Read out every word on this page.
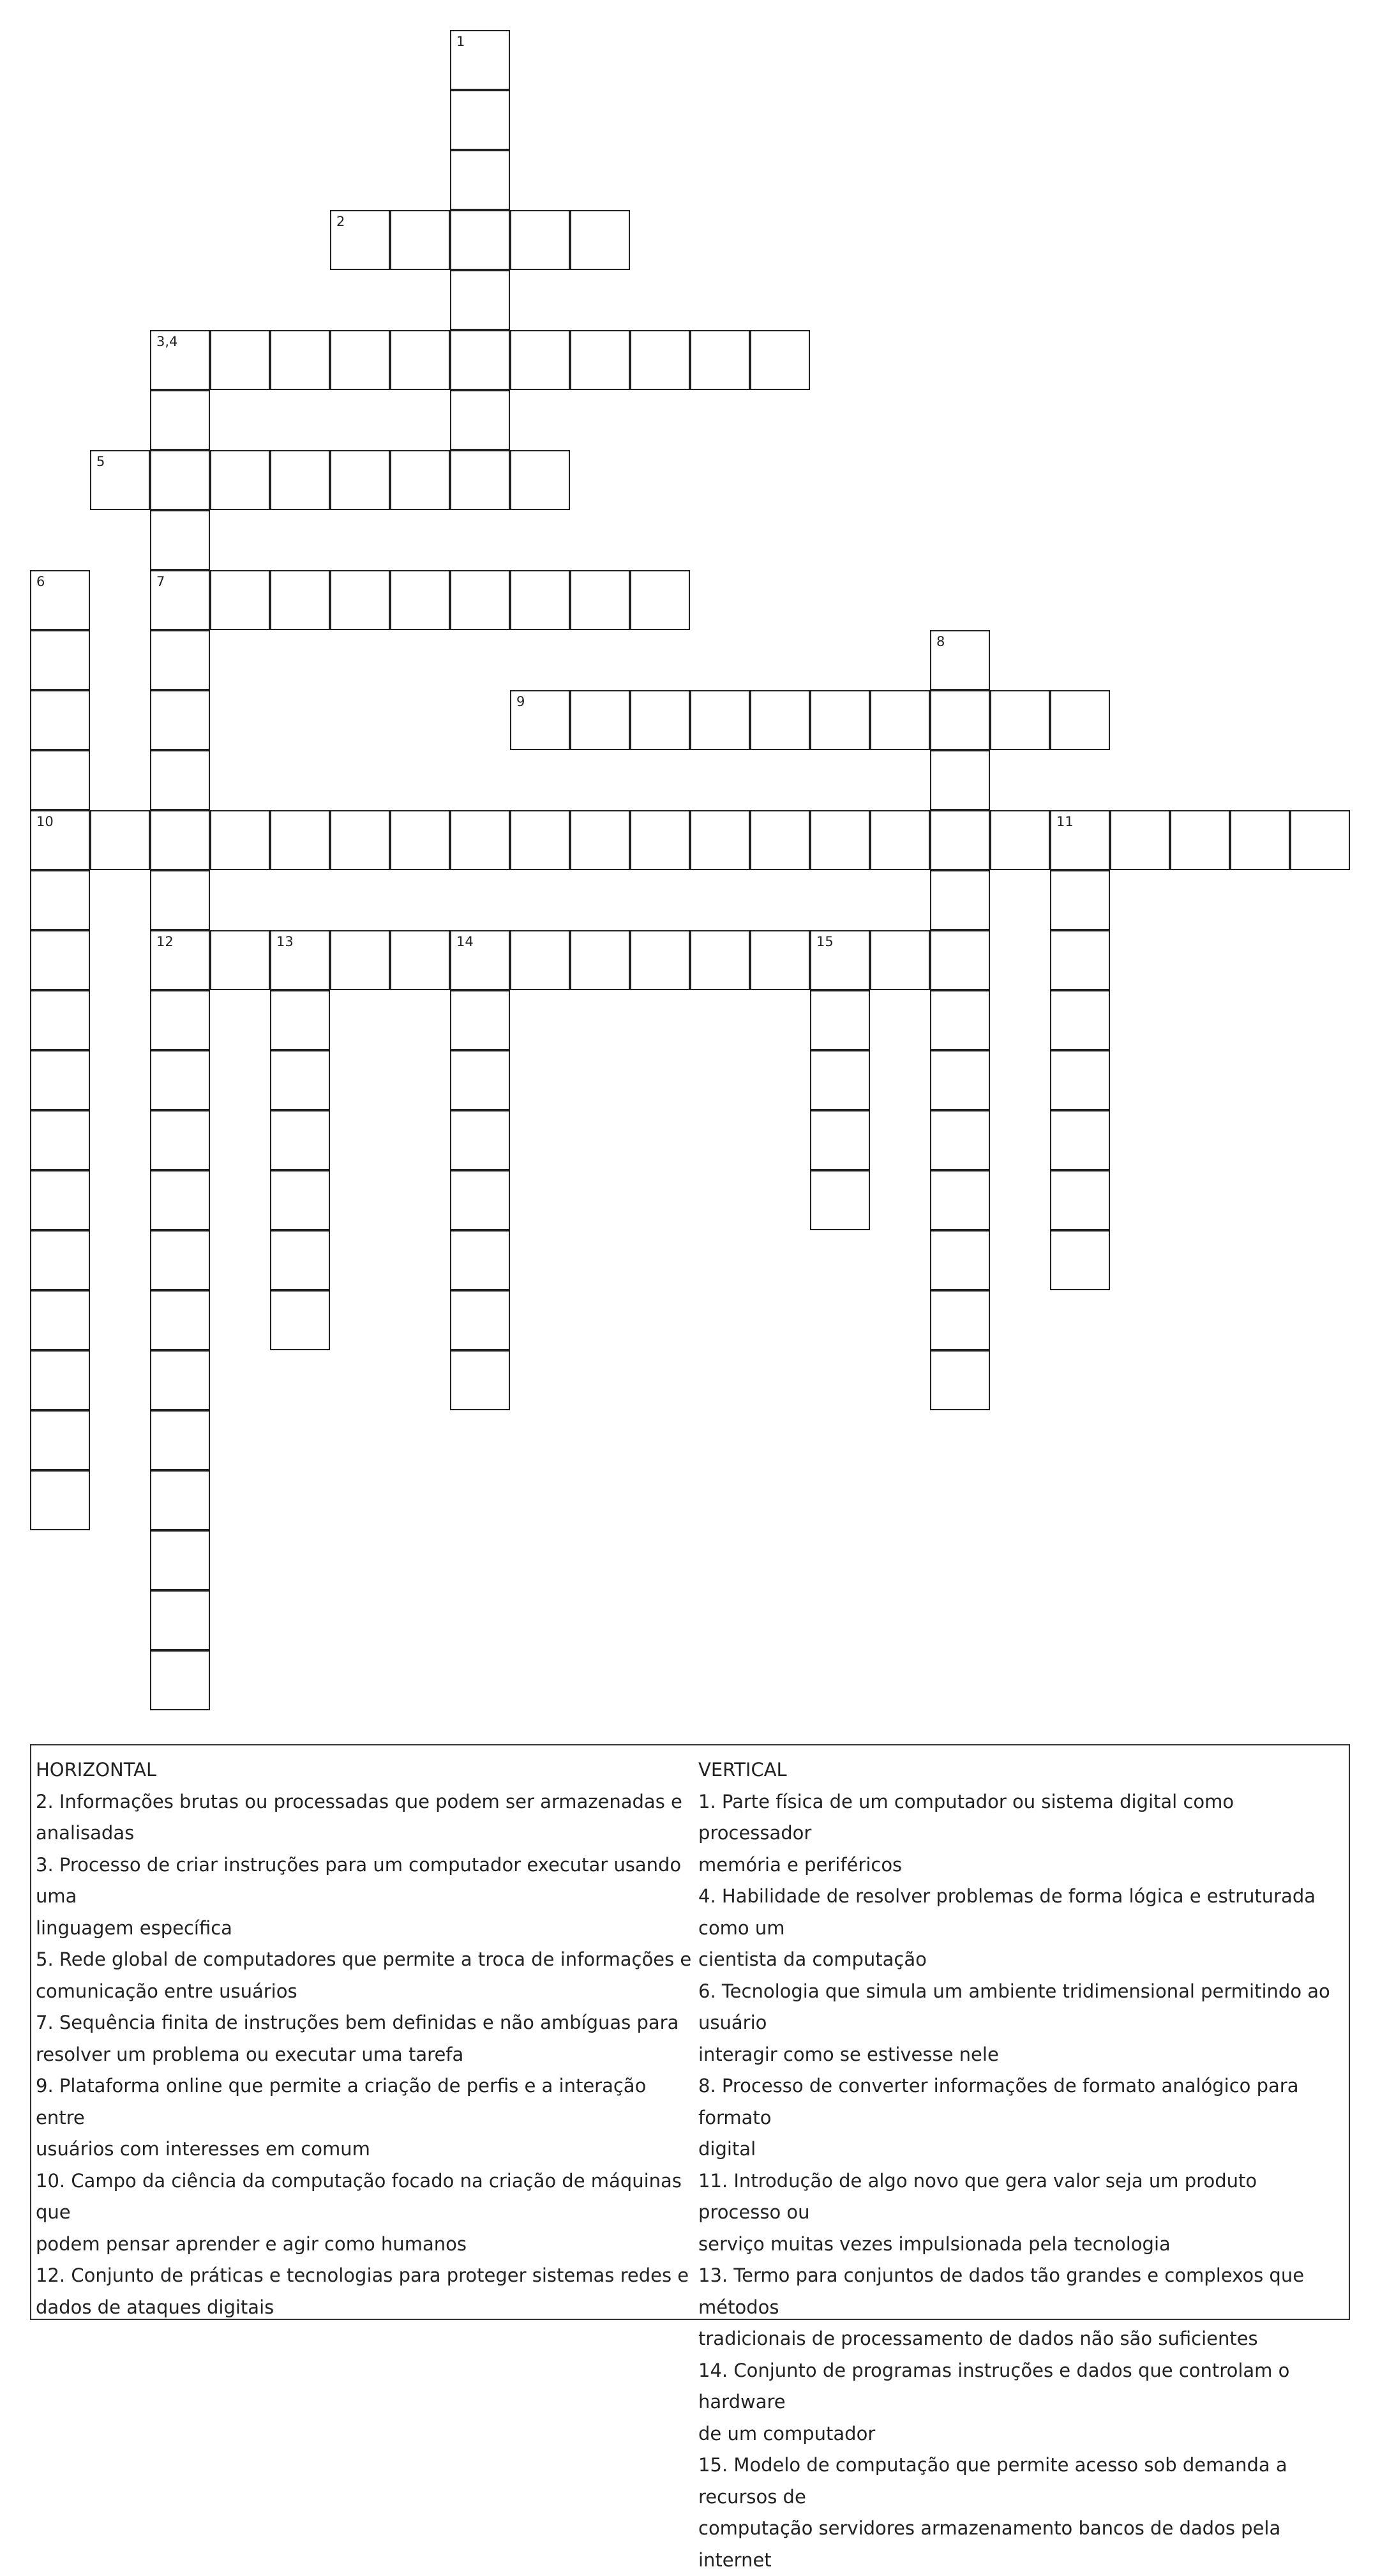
1
2
3,4
5
6	7
8
9
10	11
12	13	14	15
HORIZONTAL
2. Informações brutas ou processadas que podem ser armazenadas e
analisadas
3. Processo de criar instruções para um computador executar usando uma
linguagem específica
5. Rede global de computadores que permite a troca de informações e
comunicação entre usuários
7. Sequência finita de instruções bem definidas e não ambíguas para
resolver um problema ou executar uma tarefa
9. Plataforma online que permite a criação de perfis e a interação entre
usuários com interesses em comum
10. Campo da ciência da computação focado na criação de máquinas que
podem pensar aprender e agir como humanos
12. Conjunto de práticas e tecnologias para proteger sistemas redes e
dados de ataques digitais
VERTICAL
1. Parte física de um computador ou sistema digital como processador
memória e periféricos
4. Habilidade de resolver problemas de forma lógica e estruturada como um
cientista da computação
6. Tecnologia que simula um ambiente tridimensional permitindo ao usuário
interagir como se estivesse nele
8. Processo de converter informações de formato analógico para formato
digital
11. Introdução de algo novo que gera valor seja um produto processo ou
serviço muitas vezes impulsionada pela tecnologia
13. Termo para conjuntos de dados tão grandes e complexos que métodos
tradicionais de processamento de dados não são suficientes
14. Conjunto de programas instruções e dados que controlam o hardware
de um computador
15. Modelo de computação que permite acesso sob demanda a recursos de
computação servidores armazenamento bancos de dados pela internet
